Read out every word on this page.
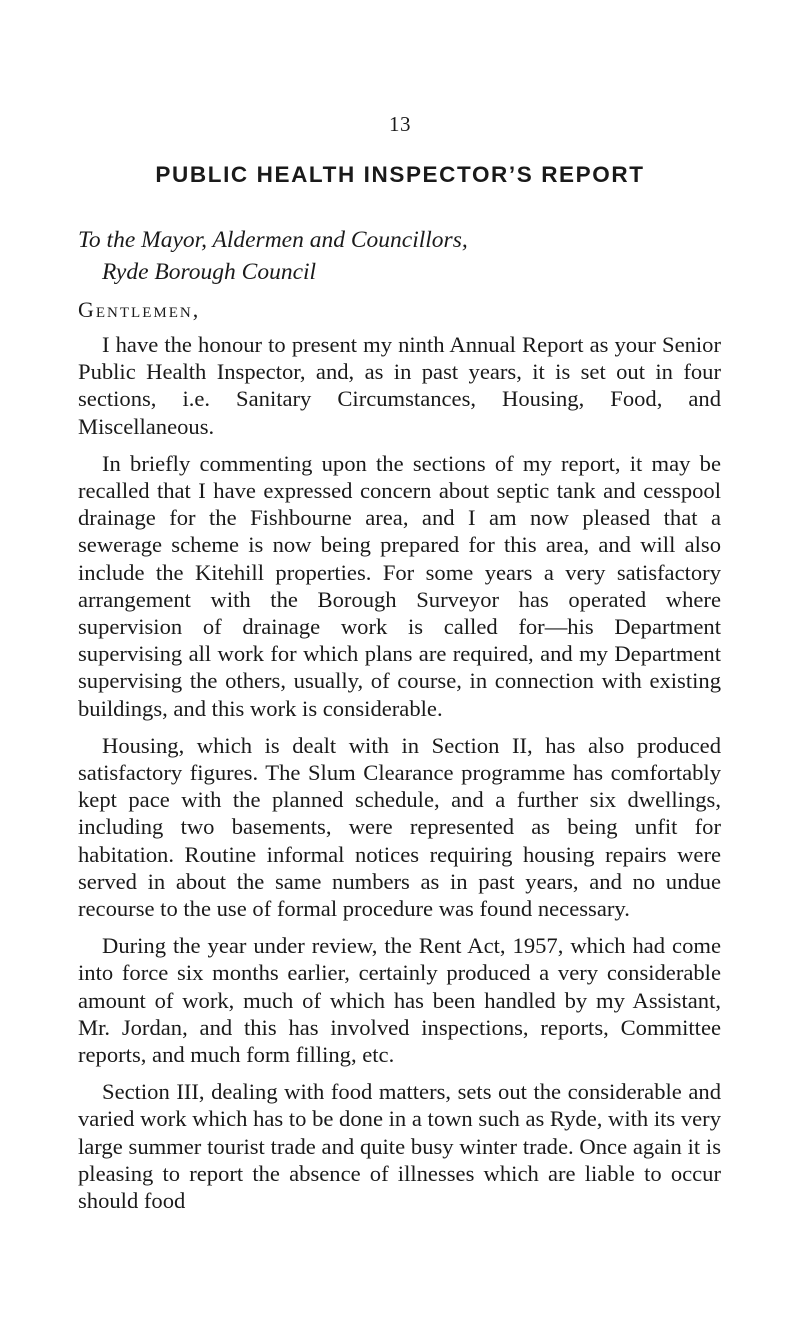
13
PUBLIC HEALTH INSPECTOR’S REPORT
To the Mayor, Aldermen and Councillors,
Ryde Borough Council
Gentlemen,

I have the honour to present my ninth Annual Report as your Senior Public Health Inspector, and, as in past years, it is set out in four sections, i.e. Sanitary Circumstances, Housing, Food, and Miscellaneous.

In briefly commenting upon the sections of my report, it may be recalled that I have expressed concern about septic tank and cesspool drainage for the Fishbourne area, and I am now pleased that a sewerage scheme is now being prepared for this area, and will also include the Kitehill properties. For some years a very satisfactory arrangement with the Borough Surveyor has operated where supervision of drainage work is called for—his Department supervising all work for which plans are required, and my Department supervising the others, usually, of course, in connection with existing buildings, and this work is considerable.

Housing, which is dealt with in Section II, has also produced satisfactory figures. The Slum Clearance programme has comfortably kept pace with the planned schedule, and a further six dwellings, including two basements, were represented as being unfit for habitation. Routine informal notices requiring housing repairs were served in about the same numbers as in past years, and no undue recourse to the use of formal procedure was found necessary.

During the year under review, the Rent Act, 1957, which had come into force six months earlier, certainly produced a very considerable amount of work, much of which has been handled by my Assistant, Mr. Jordan, and this has involved inspections, reports, Committee reports, and much form filling, etc.

Section III, dealing with food matters, sets out the considerable and varied work which has to be done in a town such as Ryde, with its very large summer tourist trade and quite busy winter trade. Once again it is pleasing to report the absence of illnesses which are liable to occur should food
